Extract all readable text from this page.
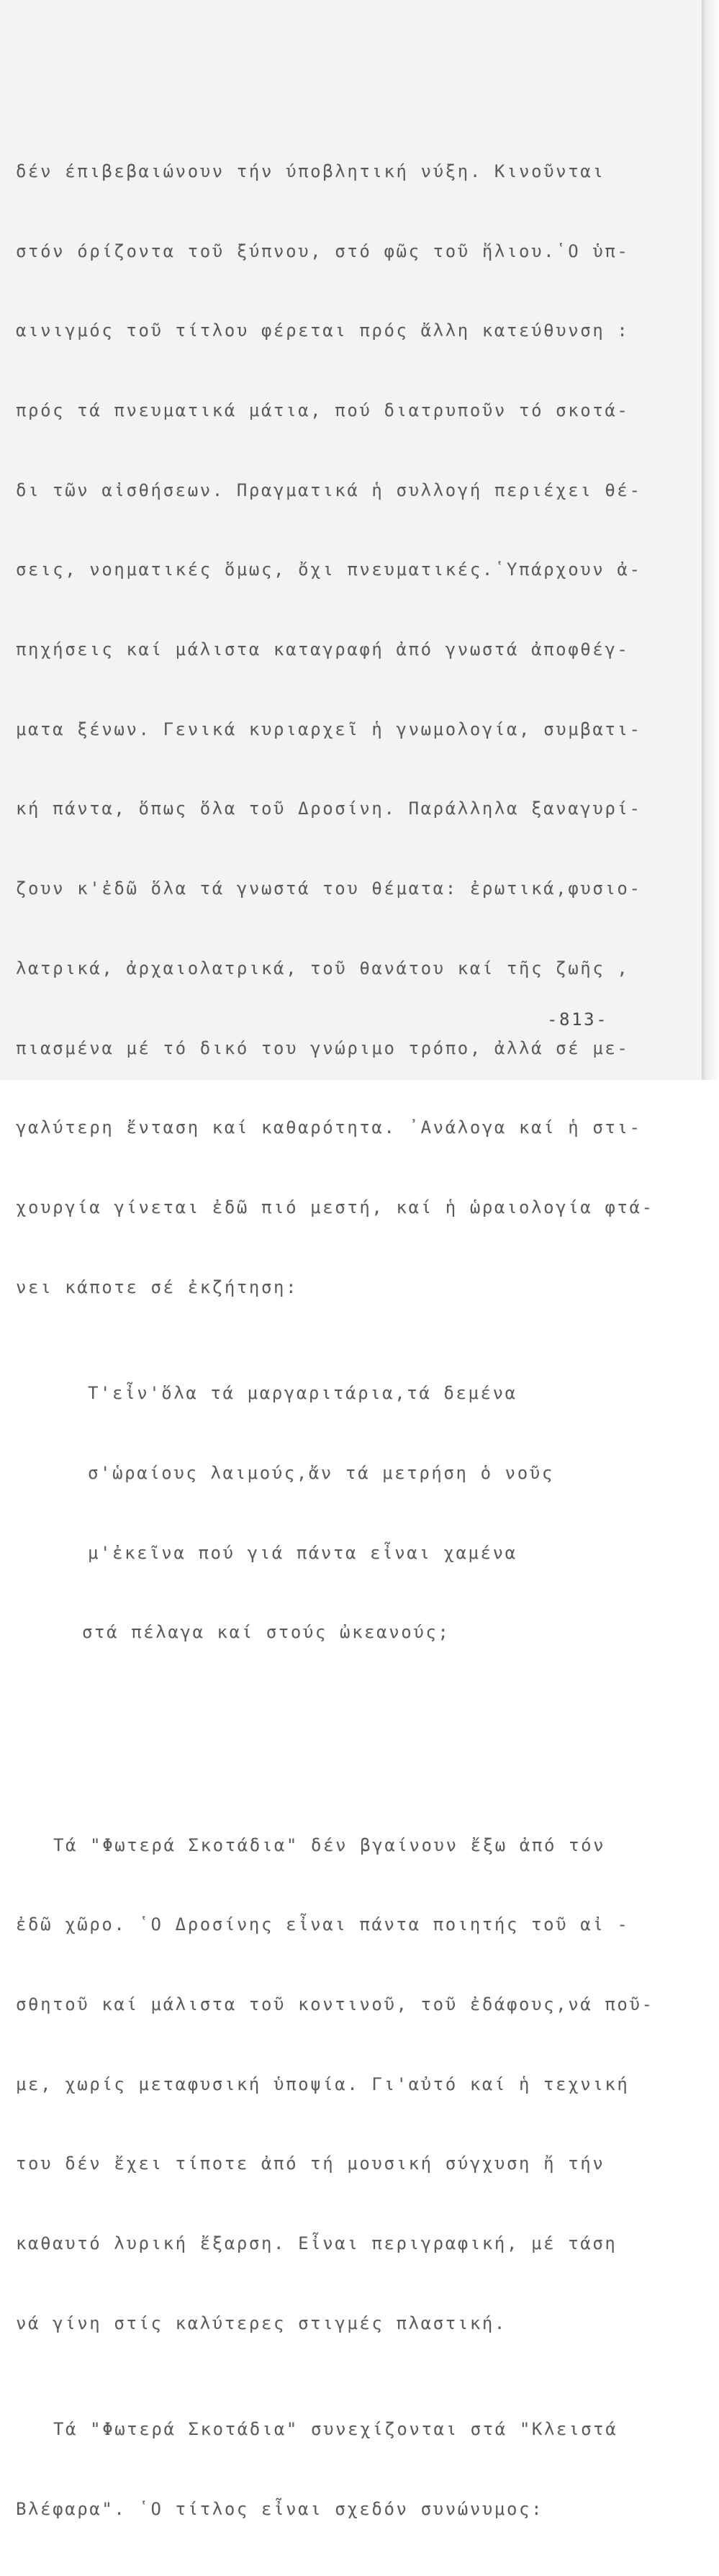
δέν έπιβεβαιώνουν τήν ύποβλητική νύξη. Κινοῦνται

στόν όρίζοντα τοῦ ξύπνου, στό φῶς τοῦ ἥλιου.῾Ο ὑπ-

αινιγμός τοῦ τίτλου φέρεται πρός ἄλλη κατεύθυνση :

πρός τά πνευματικά μάτια, πού διατρυποῦν τό σκοτά-

δι τῶν αἰσθήσεων. Πραγματικά ἡ συλλογή περιέχει θέ-

σεις, νοηματικές ὅμως, ὄχι πνευματικές.῾Υπάρχουν ἀ-

πηχήσεις καί μάλιστα καταγραφή ἀπό γνωστά ἀποφθέγ-

ματα ξένων. Γενικά κυριαρχεῖ ἡ γνωμολογία, συμβατι-

κή πάντα, ὅπως ὅλα τοῦ Δροσίνη. Παράλληλα ξαναγυρί-

ζουν κ'ἐδῶ ὅλα τά γνωστά του θέματα: ἐρωτικά,φυσιο-

λατρικά, ἀρχαιολατρικά, τοῦ θανάτου καί τῆς ζωῆς ,

πιασμένα μέ τό δικό του γνώριμο τρόπο, ἀλλά σέ με-

γαλύτερη ἔνταση καί καθαρότητα. ᾿Ανάλογα καί ἡ στι-

χουργία γίνεται ἐδῶ πιό μεστή, καί ἡ ὡραιολογία φτά-

νει κάποτε σέ ἐκζήτηση:

Τ'εἶν'ὅλα τά μαργαριτάρια,τά δεμένα

σ'ὡραίους λαιμούς,ἄν τά μετρήση ὁ νοῦς

μ'ἐκεῖνα πού γιά πάντα εἶναι χαμένα

στά πέλαγα καί στούς ὠκεανούς;

Τά "Φωτερά Σκοτάδια" δέν βγαίνουν ἔξω ἀπό τόν

ἐδῶ χῶρο. ῾Ο Δροσίνης εἶναι πάντα ποιητής τοῦ αἰ -

σθητοῦ καί μάλιστα τοῦ κοντινοῦ, τοῦ ἐδάφους,νά ποῦ-

με, χωρίς μεταφυσική ὑποψία. Γι'αὐτό καί ἡ τεχνική

του δέν ἔχει τίποτε ἀπό τή μουσική σύγχυση ἤ τήν

καθαυτό λυρική ἔξαρση. Εἶναι περιγραφική, μέ τάση

νά γίνη στίς καλύτερες στιγμές πλαστική.

Τά "Φωτερά Σκοτάδια" συνεχίζονται στά "Κλειστά

Βλέφαρα". ῾Ο τίτλος εἶναι σχεδόν συνώνυμος:

-813-
